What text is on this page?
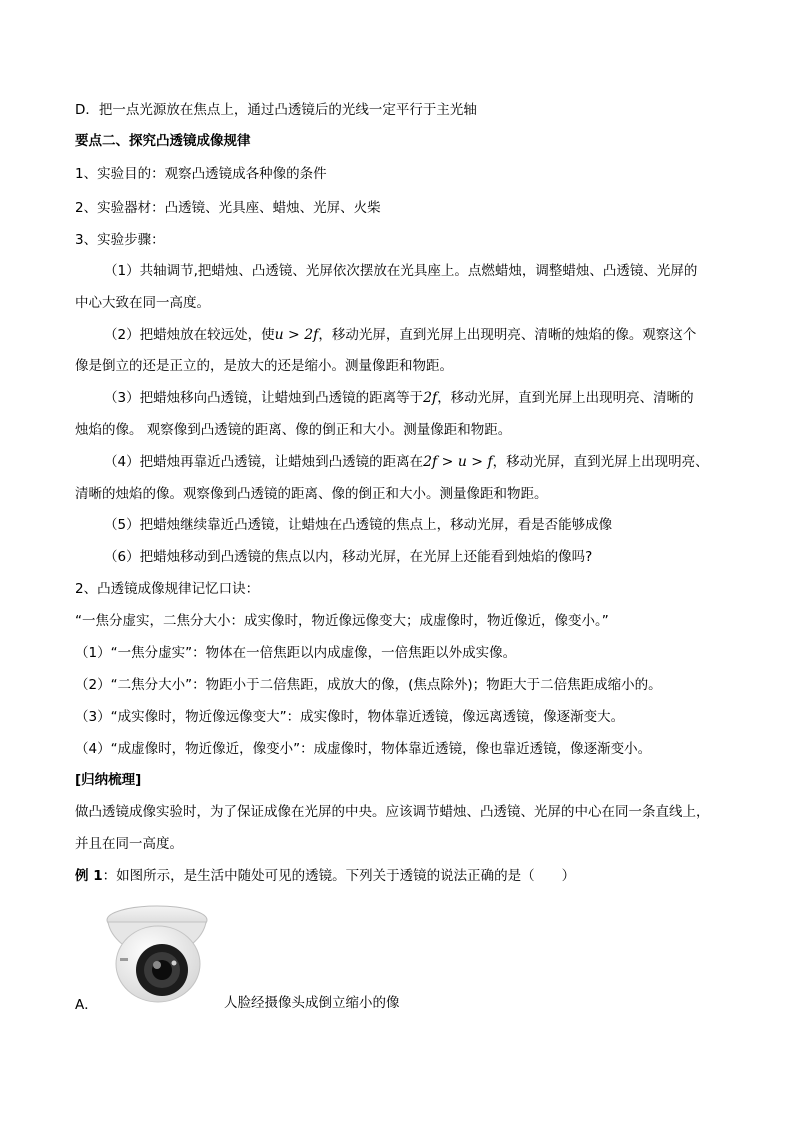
D．把一点光源放在焦点上，通过凸透镜后的光线一定平行于主光轴
要点二、探究凸透镜成像规律
1、实验目的：观察凸透镜成各种像的条件
2、实验器材：凸透镜、光具座、蜡烛、光屏、火柴
3、实验步骤：
（1）共轴调节,把蜡烛、凸透镜、光屏依次摆放在光具座上。点燃蜡烛，调整蜡烛、凸透镜、光屏的
中心大致在同一高度。
（2）把蜡烛放在较远处，使u > 2f，移动光屏，直到光屏上出现明亮、清晰的烛焰的像。观察这个
像是倒立的还是正立的，是放大的还是缩小。测量像距和物距。
（3）把蜡烛移向凸透镜，让蜡烛到凸透镜的距离等于2f，移动光屏，直到光屏上出现明亮、清晰的
烛焰的像。 观察像到凸透镜的距离、像的倒正和大小。测量像距和物距。
（4）把蜡烛再靠近凸透镜，让蜡烛到凸透镜的距离在2f > u > f，移动光屏，直到光屏上出现明亮、
清晰的烛焰的像。观察像到凸透镜的距离、像的倒正和大小。测量像距和物距。
（5）把蜡烛继续靠近凸透镜，让蜡烛在凸透镜的焦点上，移动光屏，看是否能够成像
（6）把蜡烛移动到凸透镜的焦点以内，移动光屏，在光屏上还能看到烛焰的像吗?
2、凸透镜成像规律记忆口诀：
“一焦分虚实，二焦分大小：成实像时，物近像远像变大；成虚像时，物近像近，像变小。”
（1）“一焦分虚实”：物体在一倍焦距以内成虚像，一倍焦距以外成实像。
（2）“二焦分大小”：物距小于二倍焦距，成放大的像，(焦点除外)；物距大于二倍焦距成缩小的。
（3）“成实像时，物近像远像变大”：成实像时，物体靠近透镜，像远离透镜，像逐渐变大。
（4）“成虚像时，物近像近，像变小”：成虚像时，物体靠近透镜，像也靠近透镜，像逐渐变小。
[归纳梳理]
做凸透镜成像实验时，为了保证成像在光屏的中央。应该调节蜡烛、凸透镜、光屏的中心在同一条直线上，
并且在同一高度。
例 1：如图所示，是生活中随处可见的透镜。下列关于透镜的说法正确的是（　　）
A．	人脸经摄像头成倒立缩小的像
